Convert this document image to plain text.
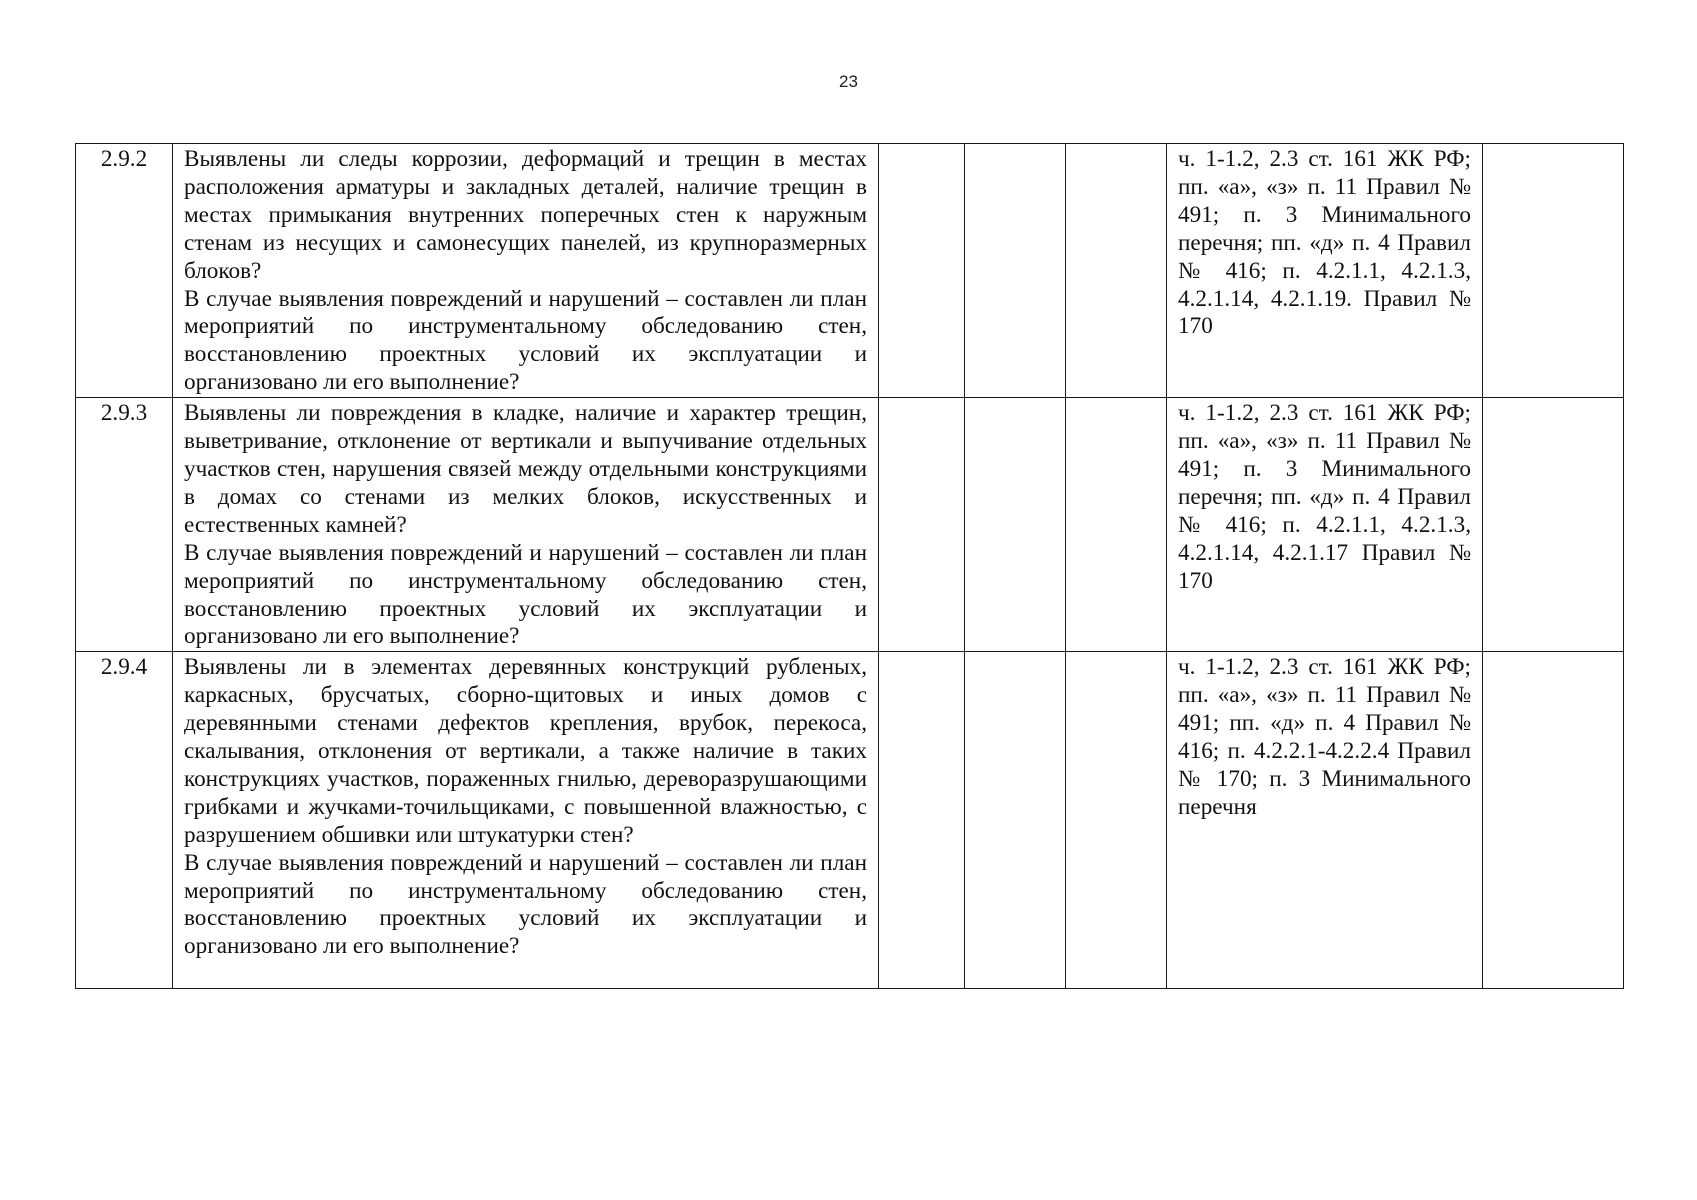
23
2.9.2	Выявлены ли следы коррозии, деформаций и трещин в местах расположения арматуры и закладных деталей, наличие трещин в местах примыкания внутренних поперечных стен к наружным стенам из несущих и самонесущих панелей, из крупноразмерных блоков?
В случае выявления повреждений и нарушений – составлен ли план мероприятий по инструментальному обследованию стен, восстановлению проектных условий их эксплуатации и организовано ли его выполнение?				ч. 1-1.2, 2.3 ст. 161 ЖК РФ; пп. «а», «з» п. 11 Правил № 491; п. 3 Минимального перечня; пп. «д» п. 4 Правил № 416; п. 4.2.1.1, 4.2.1.3, 4.2.1.14, 4.2.1.19. Правил № 170	
2.9.3	Выявлены ли повреждения в кладке, наличие и характер трещин, выветривание, отклонение от вертикали и выпучивание отдельных участков стен, нарушения связей между отдельными конструкциями в домах со стенами из мелких блоков, искусственных и естественных камней?
В случае выявления повреждений и нарушений – составлен ли план мероприятий по инструментальному обследованию стен, восстановлению проектных условий их эксплуатации и организовано ли его выполнение?				ч. 1-1.2, 2.3 ст. 161 ЖК РФ; пп. «а», «з» п. 11 Правил № 491; п. 3 Минимального перечня; пп. «д» п. 4 Правил № 416; п. 4.2.1.1, 4.2.1.3, 4.2.1.14, 4.2.1.17 Правил № 170	
2.9.4	Выявлены ли в элементах деревянных конструкций рубленых, каркасных, брусчатых, сборно-щитовых и иных домов с деревянными стенами дефектов крепления, врубок, перекоса, скалывания, отклонения от вертикали, а также наличие в таких конструкциях участков, пораженных гнилью, дереворазрушающими грибками и жучками-точильщиками, с повышенной влажностью, с разрушением обшивки или штукатурки стен?
В случае выявления повреждений и нарушений – составлен ли план мероприятий по инструментальному обследованию стен, восстановлению проектных условий их эксплуатации и организовано ли его выполнение?				ч. 1-1.2, 2.3 ст. 161 ЖК РФ; пп. «а», «з» п. 11 Правил № 491; пп. «д» п. 4 Правил № 416; п. 4.2.2.1-4.2.2.4 Правил № 170; п. 3 Минимального перечня	
